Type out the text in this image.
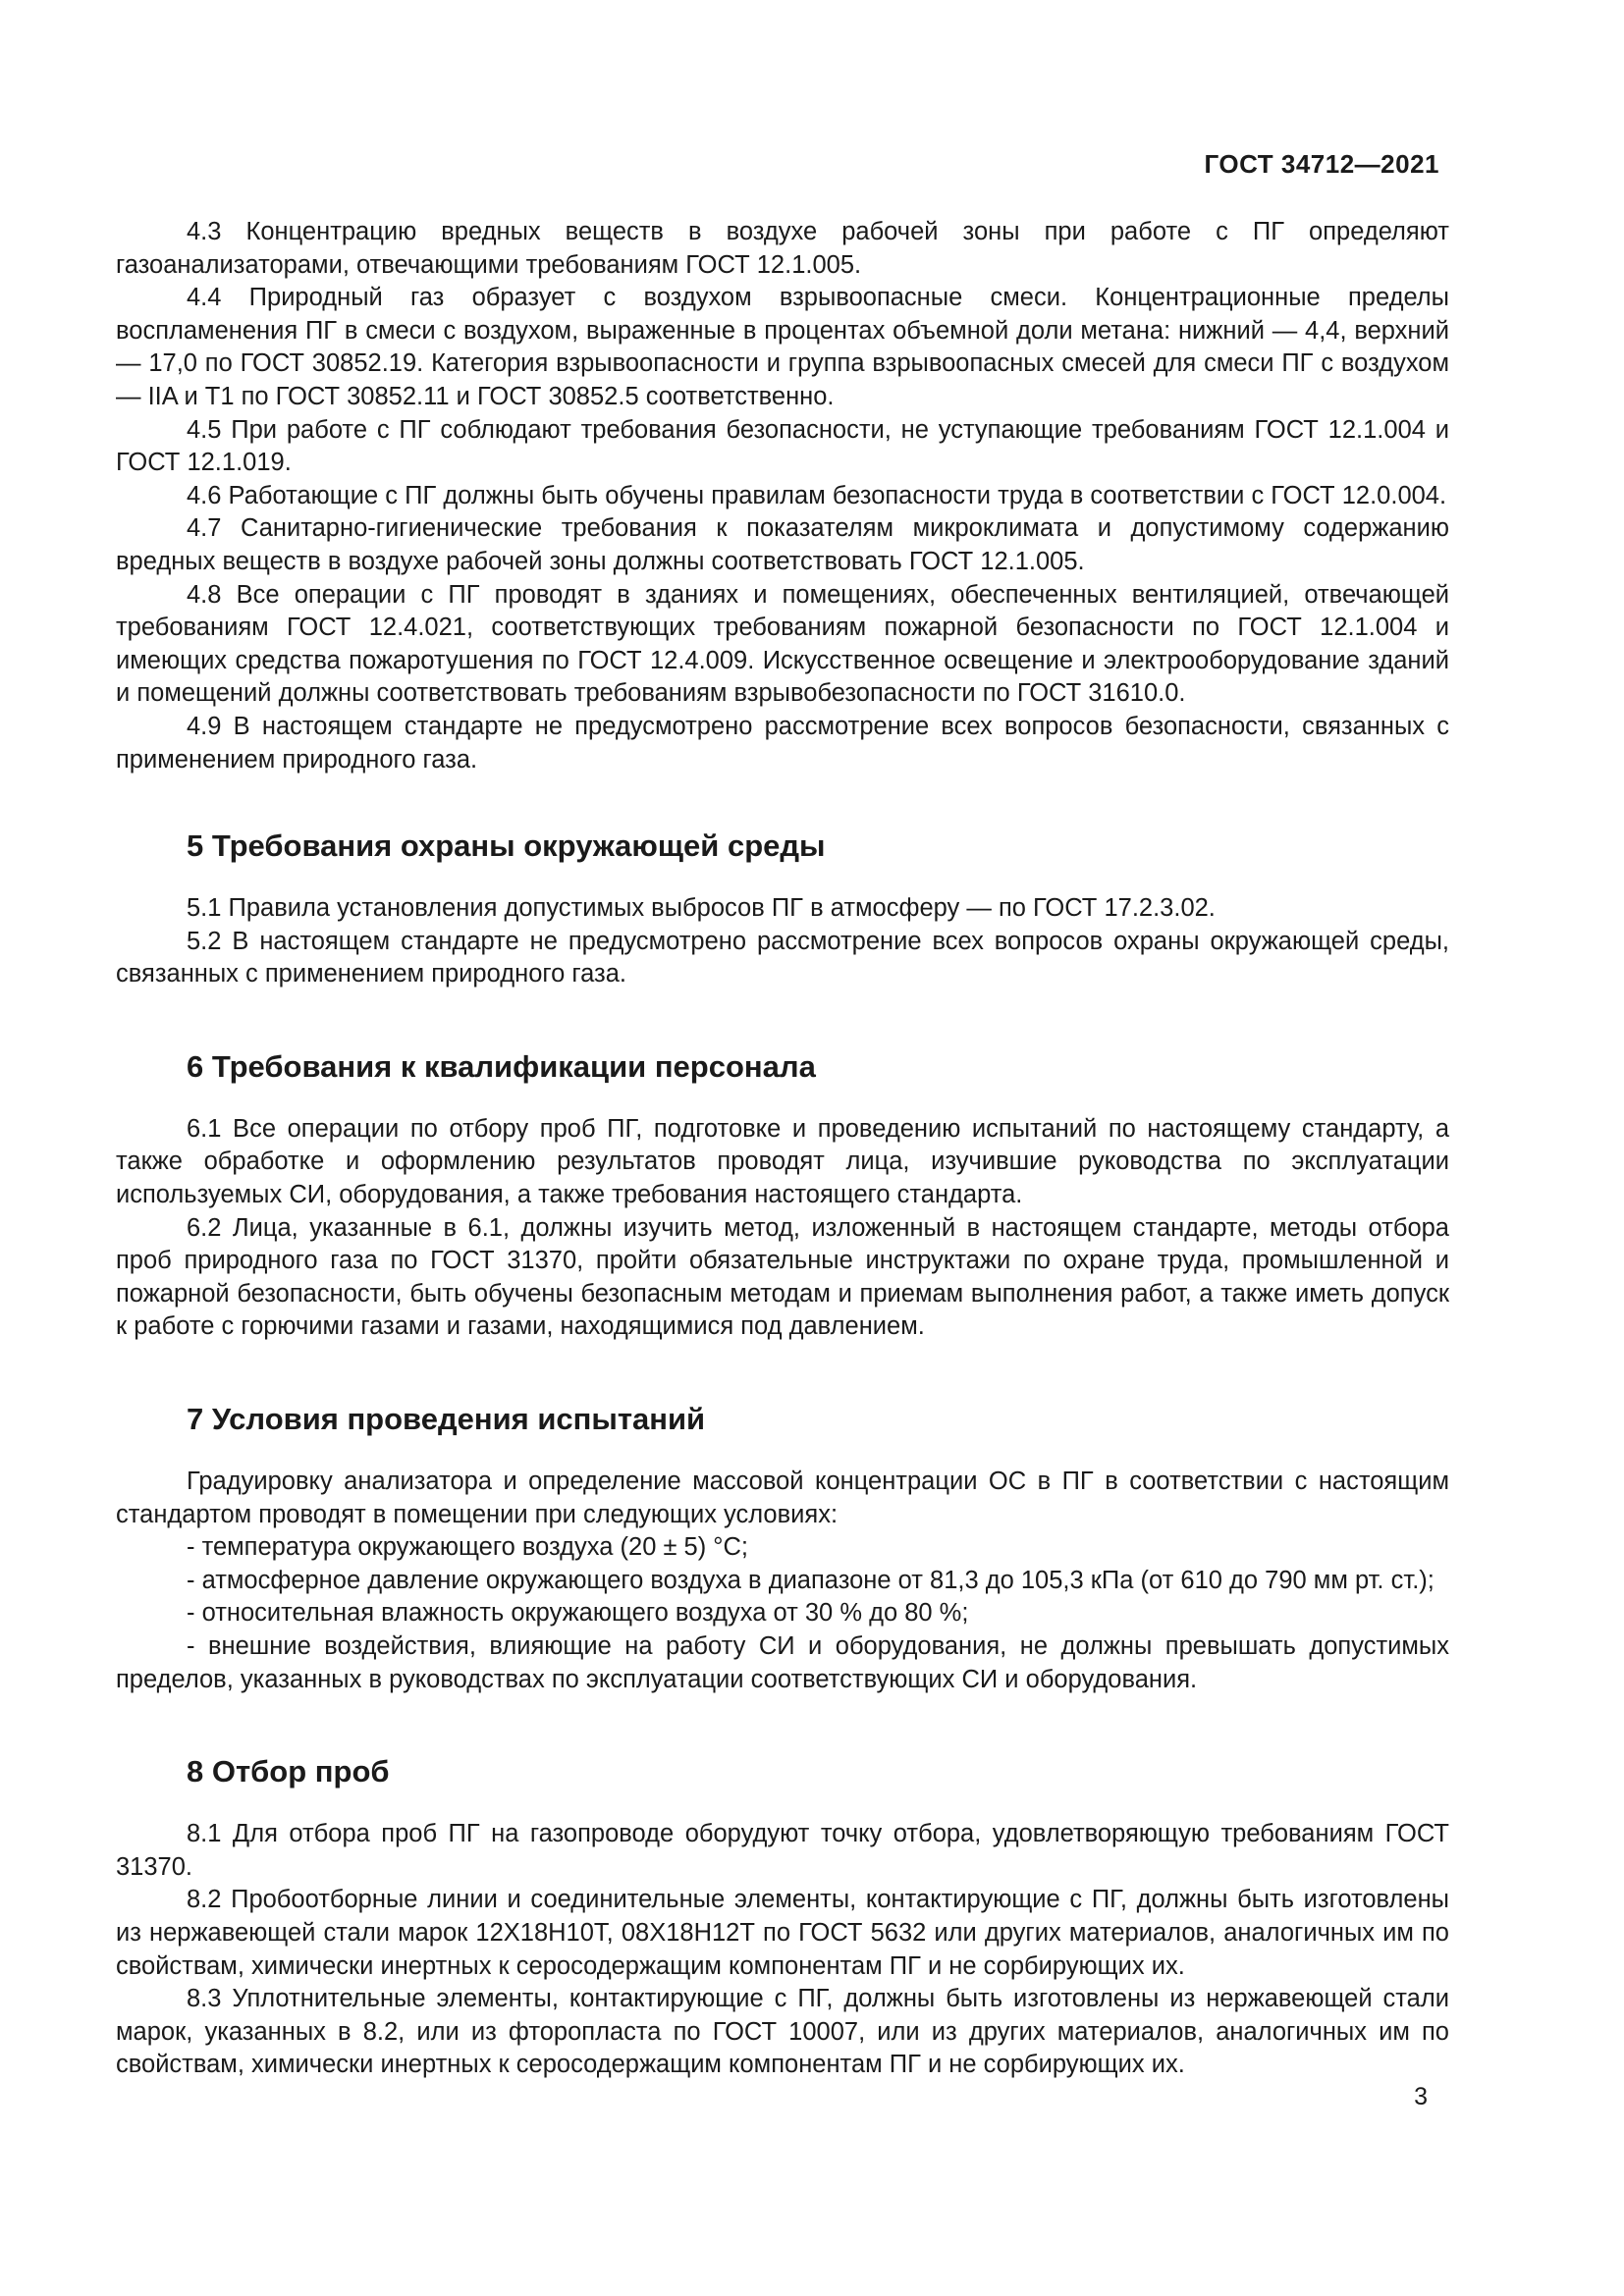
ГОСТ 34712—2021

4.3 Концентрацию вредных веществ в воздухе рабочей зоны при работе с ПГ определяют газоанализаторами, отвечающими требованиям ГОСТ 12.1.005.

4.4 Природный газ образует с воздухом взрывоопасные смеси. Концентрационные пределы воспламенения ПГ в смеси с воздухом, выраженные в процентах объемной доли метана: нижний — 4,4, верхний — 17,0 по ГОСТ 30852.19. Категория взрывоопасности и группа взрывоопасных смесей для смеси ПГ с воздухом — IIA и Т1 по ГОСТ 30852.11 и ГОСТ 30852.5 соответственно.

4.5 При работе с ПГ соблюдают требования безопасности, не уступающие требованиям ГОСТ 12.1.004 и ГОСТ 12.1.019.

4.6 Работающие с ПГ должны быть обучены правилам безопасности труда в соответствии с ГОСТ 12.0.004.

4.7 Санитарно-гигиенические требования к показателям микроклимата и допустимому содержанию вредных веществ в воздухе рабочей зоны должны соответствовать ГОСТ 12.1.005.

4.8 Все операции с ПГ проводят в зданиях и помещениях, обеспеченных вентиляцией, отвечающей требованиям ГОСТ 12.4.021, соответствующих требованиям пожарной безопасности по ГОСТ 12.1.004 и имеющих средства пожаротушения по ГОСТ 12.4.009. Искусственное освещение и электрооборудование зданий и помещений должны соответствовать требованиям взрывобезопасности по ГОСТ 31610.0.

4.9 В настоящем стандарте не предусмотрено рассмотрение всех вопросов безопасности, связанных с применением природного газа.

5 Требования охраны окружающей среды

5.1 Правила установления допустимых выбросов ПГ в атмосферу — по ГОСТ 17.2.3.02.

5.2 В настоящем стандарте не предусмотрено рассмотрение всех вопросов охраны окружающей среды, связанных с применением природного газа.

6 Требования к квалификации персонала

6.1 Все операции по отбору проб ПГ, подготовке и проведению испытаний по настоящему стандарту, а также обработке и оформлению результатов проводят лица, изучившие руководства по эксплуатации используемых СИ, оборудования, а также требования настоящего стандарта.

6.2 Лица, указанные в 6.1, должны изучить метод, изложенный в настоящем стандарте, методы отбора проб природного газа по ГОСТ 31370, пройти обязательные инструктажи по охране труда, промышленной и пожарной безопасности, быть обучены безопасным методам и приемам выполнения работ, а также иметь допуск к работе с горючими газами и газами, находящимися под давлением.

7 Условия проведения испытаний

Градуировку анализатора и определение массовой концентрации ОС в ПГ в соответствии с настоящим стандартом проводят в помещении при следующих условиях:

- температура окружающего воздуха (20 ± 5) °С;

- атмосферное давление окружающего воздуха в диапазоне от 81,3 до 105,3 кПа (от 610 до 790 мм рт. ст.);

- относительная влажность окружающего воздуха от 30 % до 80 %;

- внешние воздействия, влияющие на работу СИ и оборудования, не должны превышать допустимых пределов, указанных в руководствах по эксплуатации соответствующих СИ и оборудования.

8 Отбор проб

8.1 Для отбора проб ПГ на газопроводе оборудуют точку отбора, удовлетворяющую требованиям ГОСТ 31370.

8.2 Пробоотборные линии и соединительные элементы, контактирующие с ПГ, должны быть изготовлены из нержавеющей стали марок 12Х18Н10Т, 08Х18Н12Т по ГОСТ 5632 или других материалов, аналогичных им по свойствам, химически инертных к серосодержащим компонентам ПГ и не сорбирующих их.

8.3 Уплотнительные элементы, контактирующие с ПГ, должны быть изготовлены из нержавеющей стали марок, указанных в 8.2, или из фторопласта по ГОСТ 10007, или из других материалов, аналогичных им по свойствам, химически инертных к серосодержащим компонентам ПГ и не сорбирующих их.

3
